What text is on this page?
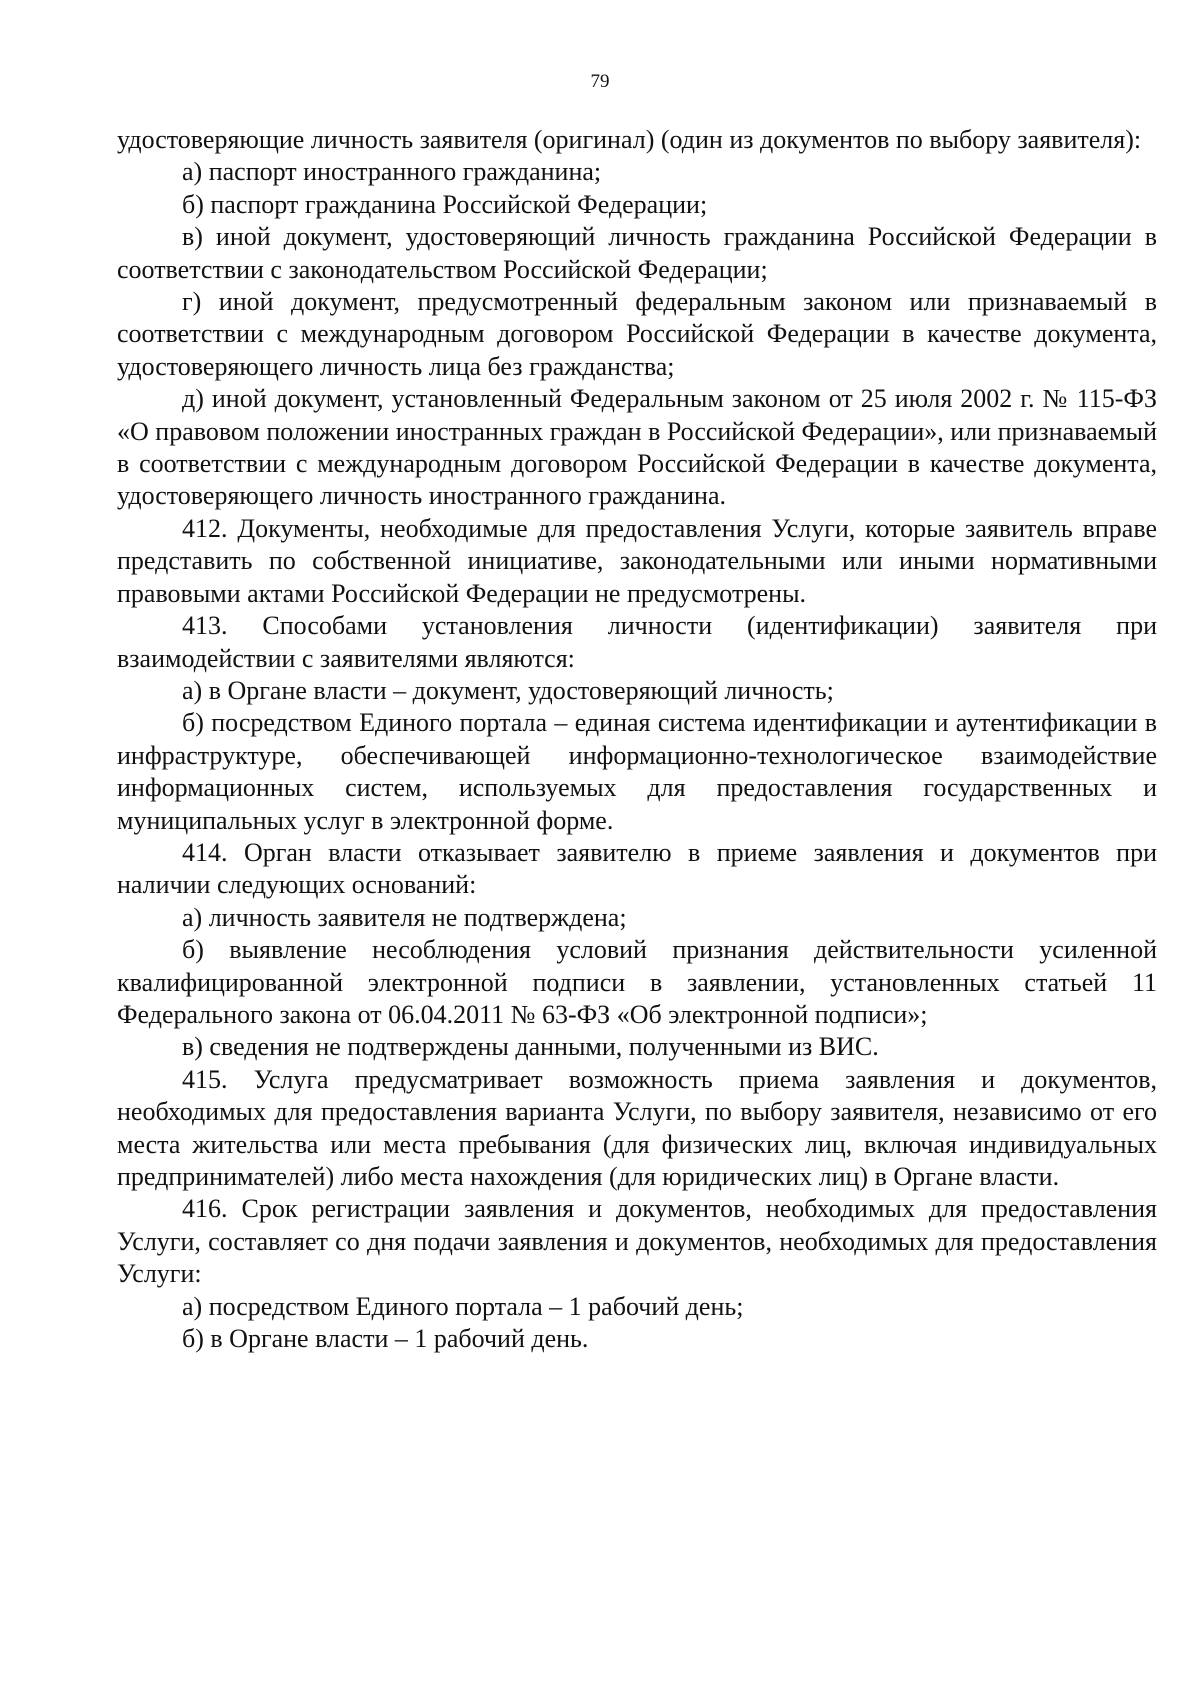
79

удостоверяющие личность заявителя (оригинал) (один из документов по выбору заявителя):

а) паспорт иностранного гражданина;

б) паспорт гражданина Российской Федерации;

в) иной документ, удостоверяющий личность гражданина Российской Федерации в соответствии с законодательством Российской Федерации;

г) иной документ, предусмотренный федеральным законом или признаваемый в соответствии с международным договором Российской Федерации в качестве документа, удостоверяющего личность лица без гражданства;

д) иной документ, установленный Федеральным законом от 25 июля 2002 г. № 115-ФЗ «О правовом положении иностранных граждан в Российской Федерации», или признаваемый в соответствии с международным договором Российской Федерации в качестве документа, удостоверяющего личность иностранного гражданина.

412. Документы, необходимые для предоставления Услуги, которые заявитель вправе представить по собственной инициативе, законодательными или иными нормативными правовыми актами Российской Федерации не предусмотрены.

413. Способами установления личности (идентификации) заявителя при взаимодействии с заявителями являются:

а) в Органе власти – документ, удостоверяющий личность;

б) посредством Единого портала – единая система идентификации и аутентификации в инфраструктуре, обеспечивающей информационно-технологическое взаимодействие информационных систем, используемых для предоставления государственных и муниципальных услуг в электронной форме.

414. Орган власти отказывает заявителю в приеме заявления и документов при наличии следующих оснований:

а) личность заявителя не подтверждена;

б) выявление несоблюдения условий признания действительности усиленной квалифицированной электронной подписи в заявлении, установленных статьей 11 Федерального закона от 06.04.2011 № 63-ФЗ «Об электронной подписи»;

в) сведения не подтверждены данными, полученными из ВИС.

415. Услуга предусматривает возможность приема заявления и документов, необходимых для предоставления варианта Услуги, по выбору заявителя, независимо от его места жительства или места пребывания (для физических лиц, включая индивидуальных предпринимателей) либо места нахождения (для юридических лиц) в Органе власти.

416. Срок регистрации заявления и документов, необходимых для предоставления Услуги, составляет со дня подачи заявления и документов, необходимых для предоставления Услуги:

а) посредством Единого портала – 1 рабочий день;

б) в Органе власти – 1 рабочий день.
